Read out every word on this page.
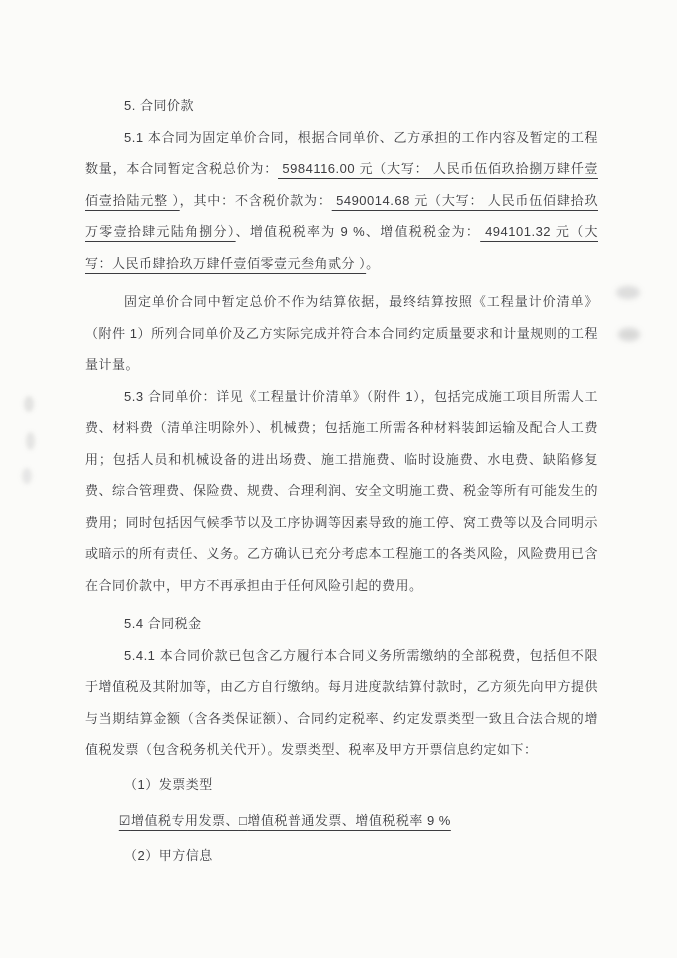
5. 合同价款

5.1 本合同为固定单价合同，根据合同单价、乙方承担的工作内容及暂定的工程数量，本合同暂定含税总价为： 5984116.00 元（大写： 人民币伍佰玖拾捌万肆仟壹佰壹拾陆元整 ），其中：不含税价款为： 5490014.68 元（大写： 人民币伍佰肆拾玖万零壹拾肆元陆角捌分）、增值税税率为 9 %、增值税税金为： 494101.32 元（大写：人民币肆拾玖万肆仟壹佰零壹元叁角贰分 ）。

固定单价合同中暂定总价不作为结算依据，最终结算按照《工程量计价清单》（附件 1）所列合同单价及乙方实际完成并符合本合同约定质量要求和计量规则的工程量计量。

5.3 合同单价：详见《工程量计价清单》（附件 1），包括完成施工项目所需人工费、材料费（清单注明除外）、机械费；包括施工所需各种材料装卸运输及配合人工费用；包括人员和机械设备的进出场费、施工措施费、临时设施费、水电费、缺陷修复费、综合管理费、保险费、规费、合理利润、安全文明施工费、税金等所有可能发生的费用；同时包括因气候季节以及工序协调等因素导致的施工停、窝工费等以及合同明示或暗示的所有责任、义务。乙方确认已充分考虑本工程施工的各类风险，风险费用已含在合同价款中，甲方不再承担由于任何风险引起的费用。

5.4 合同税金

5.4.1 本合同价款已包含乙方履行本合同义务所需缴纳的全部税费，包括但不限于增值税及其附加等，由乙方自行缴纳。每月进度款结算付款时，乙方须先向甲方提供与当期结算金额（含各类保证额）、合同约定税率、约定发票类型一致且合法合规的增值税发票（包含税务机关代开）。发票类型、税率及甲方开票信息约定如下：

（1）发票类型

☑增值税专用发票、□增值税普通发票、增值税税率 9 %

（2）甲方信息
